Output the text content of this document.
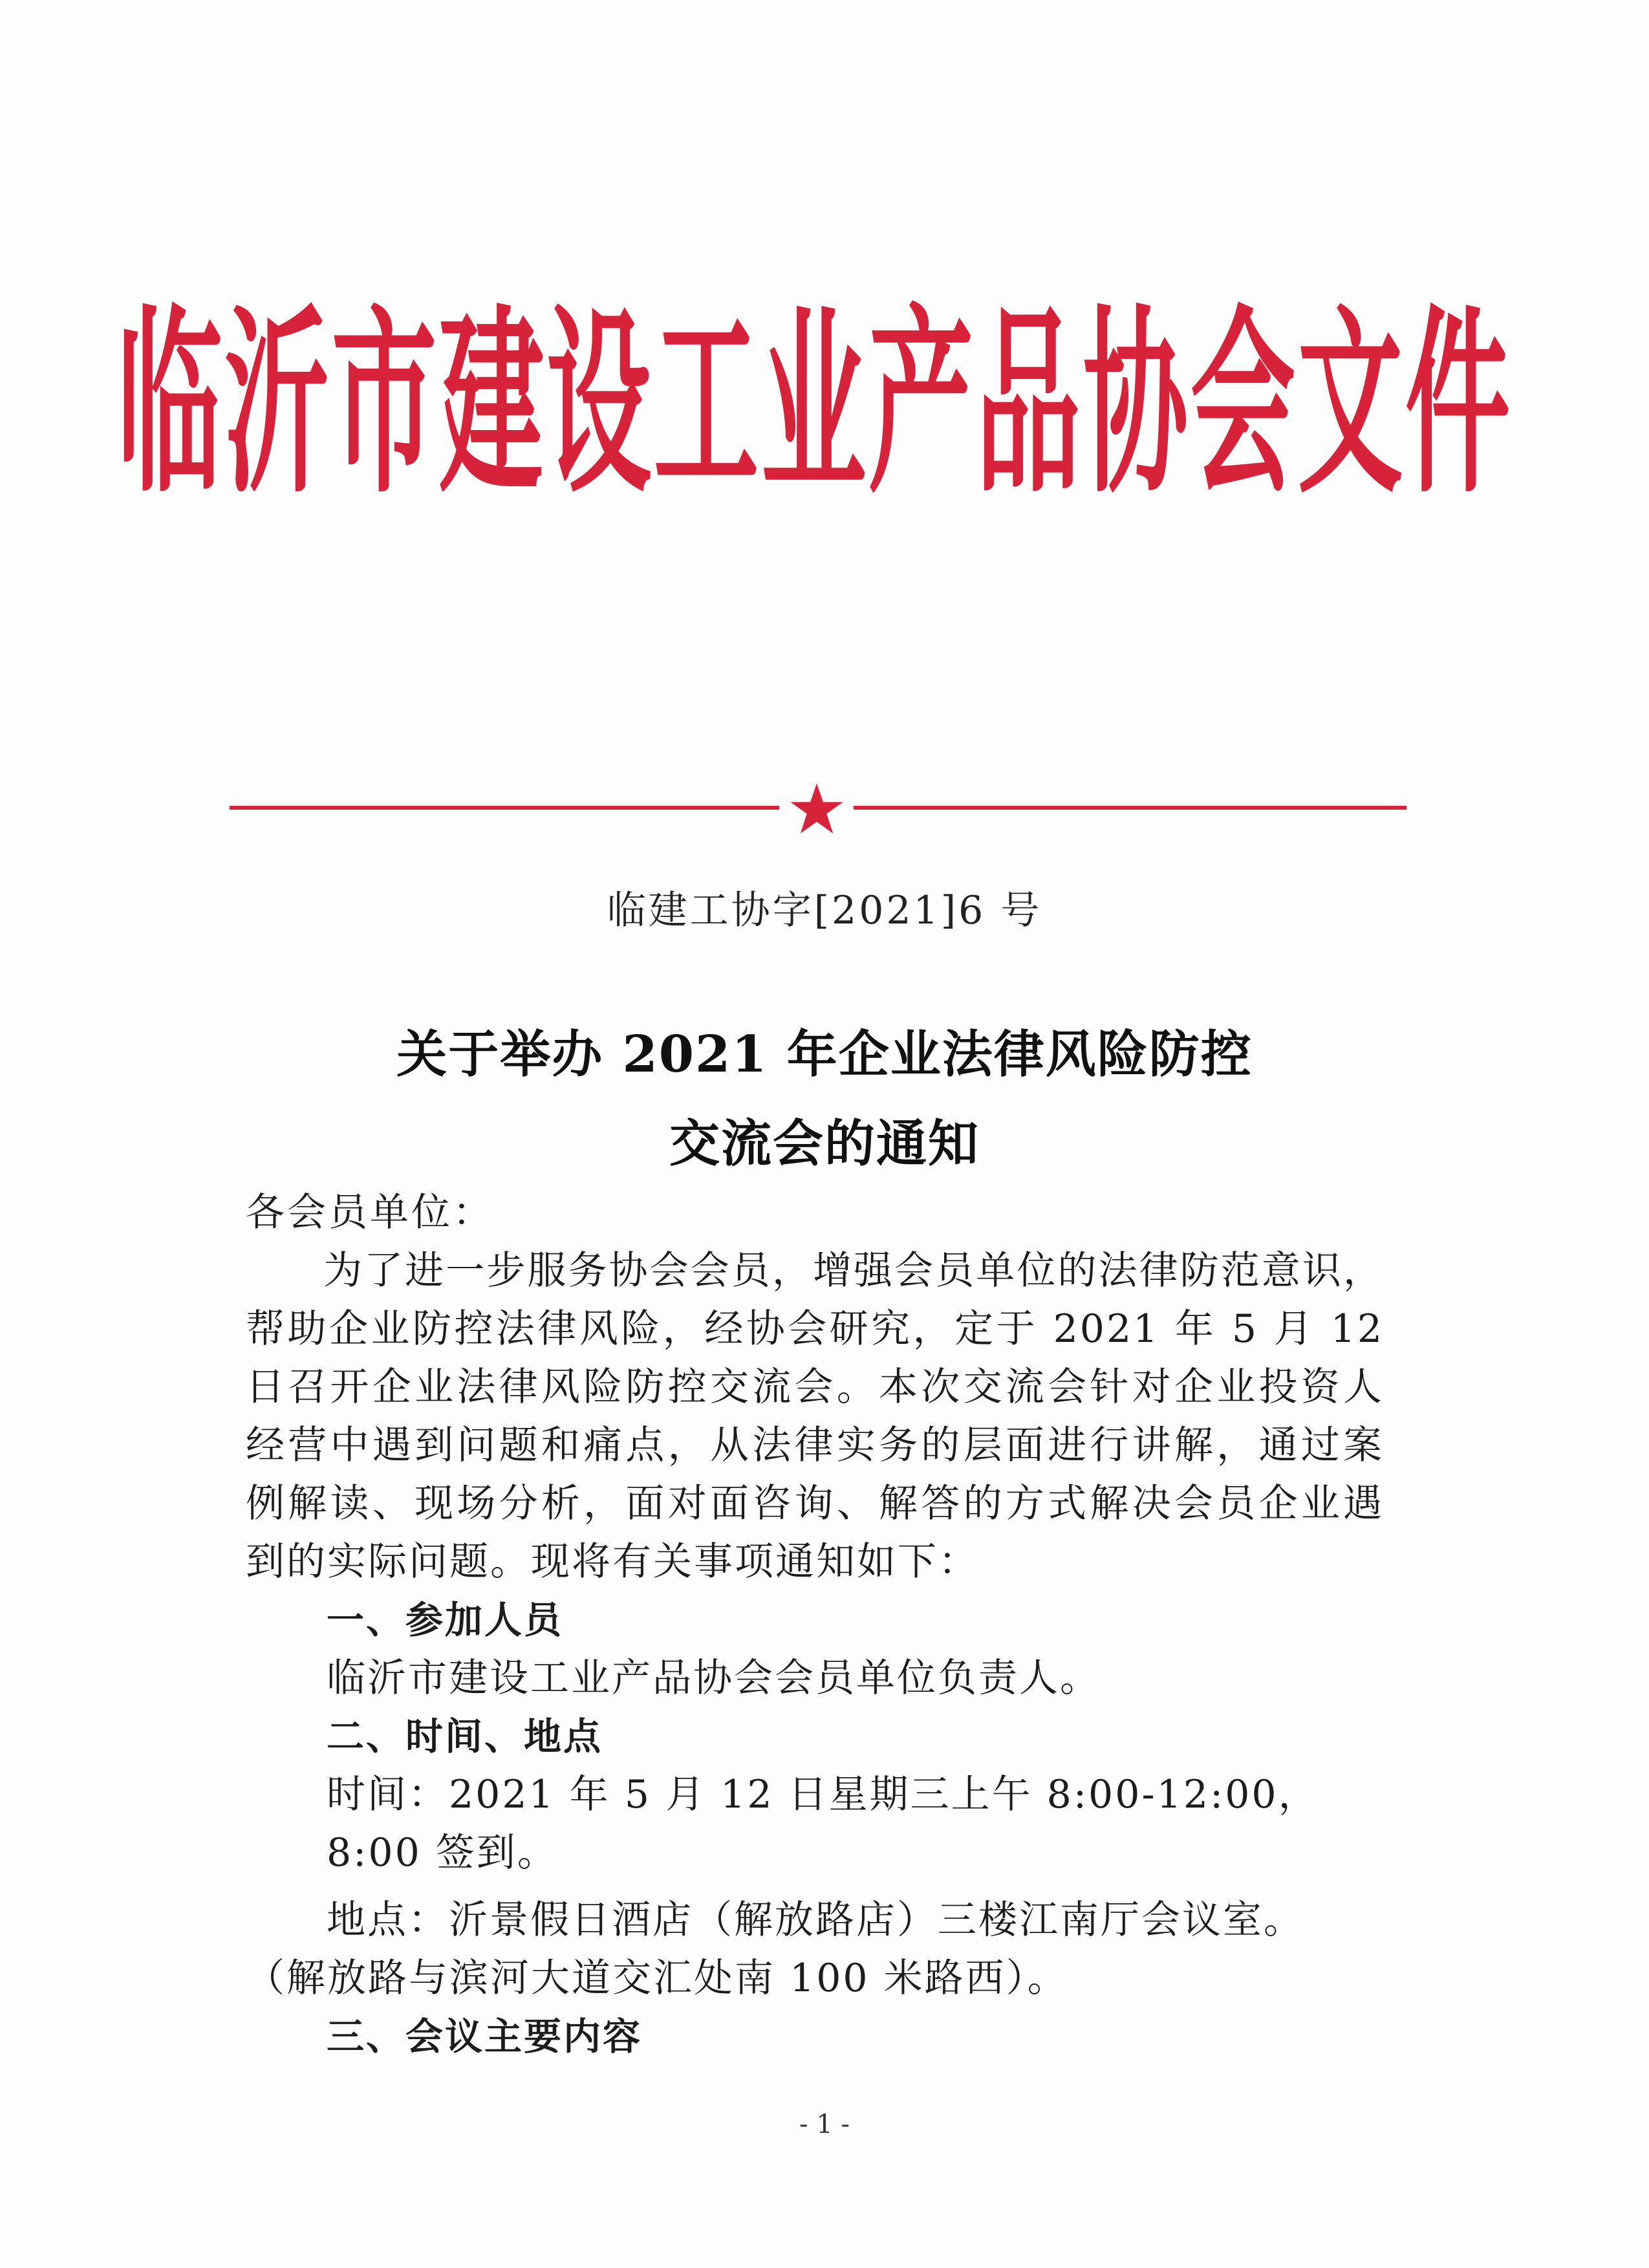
临沂市建设工业产品协会文件
临建工协字[2021]6 号
关于举办 2021 年企业法律风险防控
交流会的通知

各会员单位：

为了进一步服务协会会员，增强会员单位的法律防范意识，帮助企业防控法律风险，经协会研究，定于 2021 年 5 月 12 日召开企业法律风险防控交流会。本次交流会针对企业投资人经营中遇到问题和痛点，从法律实务的层面进行讲解，通过案例解读、现场分析，面对面咨询、解答的方式解决会员企业遇到的实际问题。现将有关事项通知如下：

一、参加人员

临沂市建设工业产品协会会员单位负责人。

二、时间、地点

时间：2021 年 5 月 12 日星期三上午 8:00-12:00，

8:00 签到。

地点：沂景假日酒店（解放路店）三楼江南厅会议室。

（解放路与滨河大道交汇处南 100 米路西）。

三、会议主要内容

- 1 -
